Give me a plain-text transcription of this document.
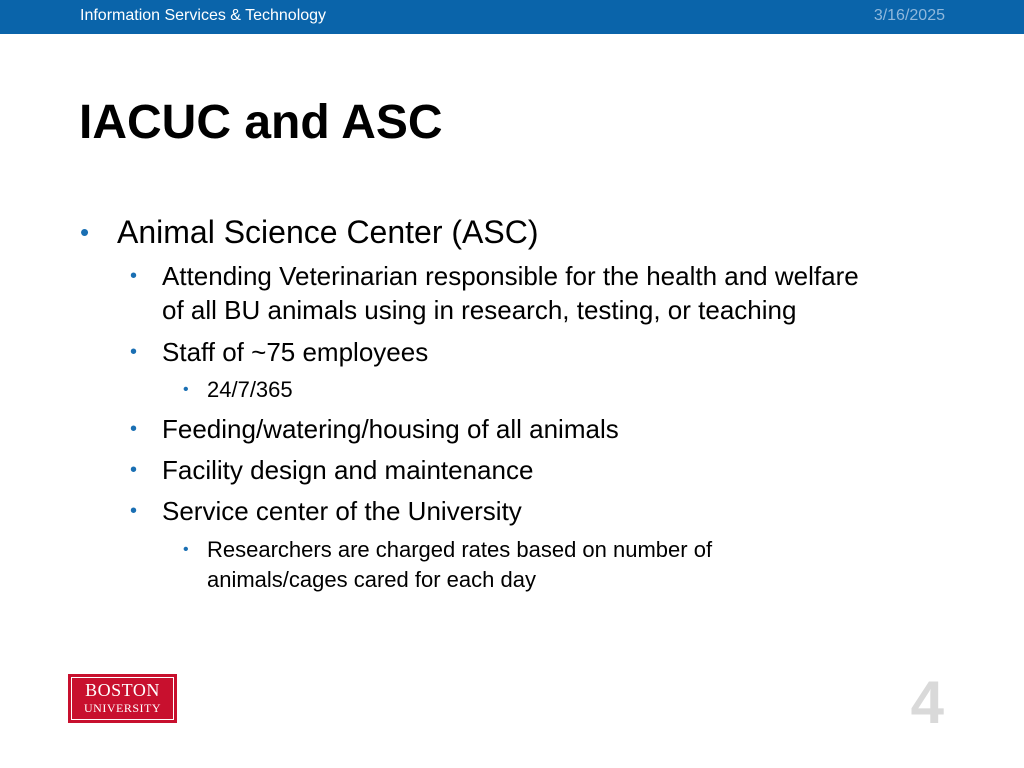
Information Services & Technology	3/16/2025
IACUC and ASC
• Animal Science Center (ASC)
• Attending Veterinarian responsible for the health and welfare
of all BU animals using in research, testing, or teaching
• Staff of ~75 employees
• 24/7/365
• Feeding/watering/housing of all animals
• Facility design and maintenance
• Service center of the University
• Researchers are charged rates based on number of
animals/cages cared for each day
BOSTON
UNIVERSITY	4
